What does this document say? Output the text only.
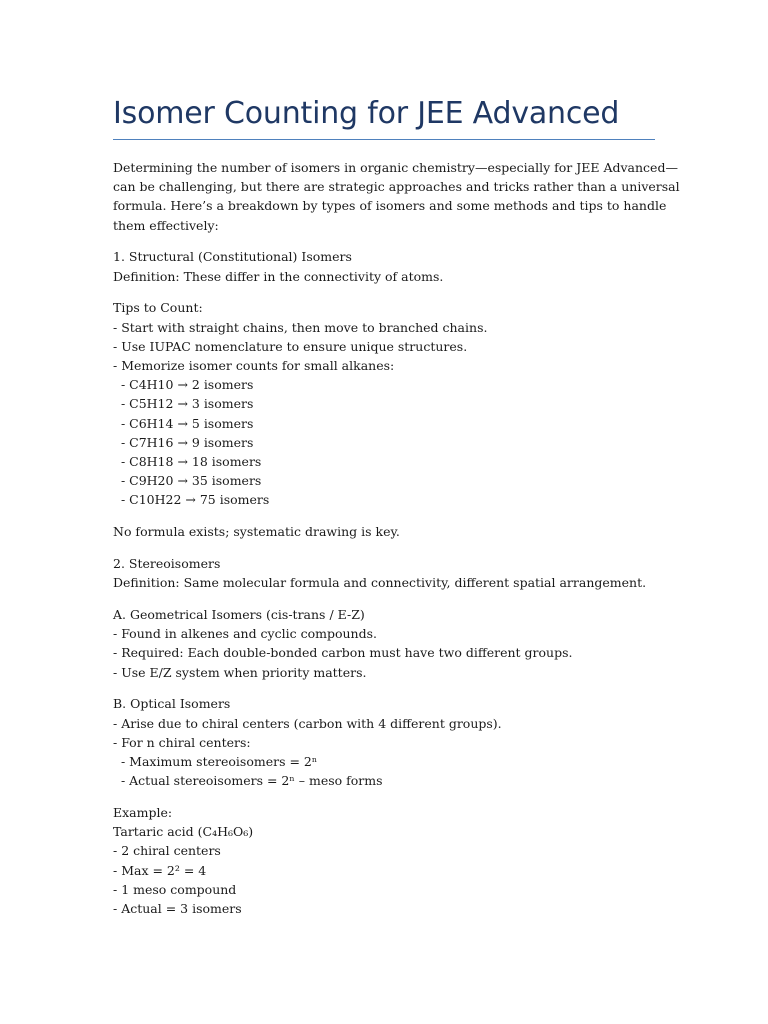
Isomer Counting for JEE Advanced

Determining the number of isomers in organic chemistry—especially for JEE Advanced—
can be challenging, but there are strategic approaches and tricks rather than a universal
formula. Here’s a breakdown by types of isomers and some methods and tips to handle
them effectively:

1. Structural (Constitutional) Isomers
Definition: These differ in the connectivity of atoms.

Tips to Count:
- Start with straight chains, then move to branched chains.
- Use IUPAC nomenclature to ensure unique structures.
- Memorize isomer counts for small alkanes:
- C4H10 → 2 isomers
- C5H12 → 3 isomers
- C6H14 → 5 isomers
- C7H16 → 9 isomers
- C8H18 → 18 isomers
- C9H20 → 35 isomers
- C10H22 → 75 isomers

No formula exists; systematic drawing is key.

2. Stereoisomers
Definition: Same molecular formula and connectivity, different spatial arrangement.

A. Geometrical Isomers (cis-trans / E-Z)
- Found in alkenes and cyclic compounds.
- Required: Each double-bonded carbon must have two different groups.
- Use E/Z system when priority matters.

B. Optical Isomers
- Arise due to chiral centers (carbon with 4 different groups).
- For n chiral centers:
- Maximum stereoisomers = 2ⁿ
- Actual stereoisomers = 2ⁿ – meso forms

Example:
Tartaric acid (C₄H₆O₆)
- 2 chiral centers
- Max = 2² = 4
- 1 meso compound
- Actual = 3 isomers
